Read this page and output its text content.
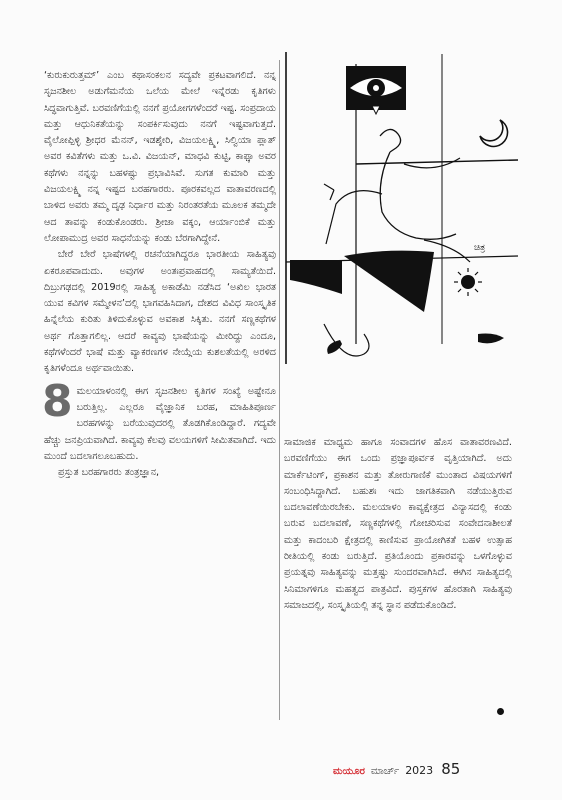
‘ಕುರುಕುರುತ್ತಮ್’ ಎಂಬ ಕಥಾಸಂಕಲನ ಸದ್ಯವೇ ಪ್ರಕಟವಾಗಲಿದೆ. ನನ್ನ ಸೃಜನಶೀಲ ಅಡುಗೆಮನೆಯ ಒಲೆಯ ಮೇಲೆ ಇನ್ನೆರಡು ಕೃತಿಗಳು ಸಿದ್ಧವಾಗುತ್ತಿವೆ. ಬರವಣಿಗೆಯಲ್ಲಿ ನನಗೆ ಪ್ರಯೋಗಗಳೆಂದರೆ ಇಷ್ಟ. ಸಂಪ್ರದಾಯ ಮತ್ತು ಆಧುನಿಕತೆಯನ್ನು ಸಂಪರ್ಕಿಸುವುದು ನನಗೆ ಇಷ್ಟವಾಗುತ್ತದೆ. ವೈಲೋಪ್ಪಿಳ್ಳಿ ಶ್ರೀಧರ ಮೆನನ್, ಇಡಶ್ಶೇರಿ, ವಿಜಯಲಕ್ಷ್ಮಿ, ಸಿಲ್ವಿಯಾ ಪ್ಲಾತ್ ಅವರ ಕವಿತೆಗಳು ಮತ್ತು ಒ.ವಿ. ವಿಜಯನ್, ಮಾಧವಿ ಕುಟ್ಟಿ, ಕಾಫ್ಕಾ ಅವರ ಕಥೆಗಳು ನನ್ನನ್ನು ಬಹಳಷ್ಟು ಪ್ರಭಾವಿಸಿವೆ. ಸುಗತ ಕುಮಾರಿ ಮತ್ತು ವಿಜಯಲಕ್ಷ್ಮಿ ನನ್ನ ಇಷ್ಟದ ಬರಹಗಾರರು. ಪೂರಕವಲ್ಲದ ವಾತಾವರಣದಲ್ಲಿ ಬಾಳಿದ ಅವರು ತಮ್ಮ ದೃಢ ನಿರ್ಧಾರ ಮತ್ತು ನಿರಂತರತೆಯ ಮೂಲಕ ತಮ್ಮದೇ ಆದ ತಾವನ್ನು ಕಂಡುಕೊಂಡರು. ಶ್ರೀಜಾ ವಕ್ಕಂ, ಆರ್ಯಾಂಬಿಕೆ ಮತ್ತು ಲೋಪಾಮುದ್ರ ಅವರ ಸಾಧನೆಯನ್ನು ಕಂಡು ಬೆರಗಾಗಿದ್ದೇನೆ.

ಬೇರೆ ಬೇರೆ ಭಾಷೆಗಳಲ್ಲಿ ರಚನೆಯಾಗಿದ್ದರೂ ಭಾರತೀಯ ಸಾಹಿತ್ಯವು ಏಕರೂಪವಾದುದು. ಅವುಗಳ ಅಂತಃಪ್ರವಾಹದಲ್ಲಿ ಸಾಮ್ಯತೆಯಿದೆ. ದಿಬ್ರುಗಢದಲ್ಲಿ 2019ರಲ್ಲಿ ಸಾಹಿತ್ಯ ಅಕಾಡೆಮಿ ನಡೆಸಿದ ‘ಅಖಿಲ ಭಾರತ ಯುವ ಕವಿಗಳ ಸಮ್ಮೇಳನ’ದಲ್ಲಿ ಭಾಗವಹಿಸಿದಾಗ, ದೇಶದ ವಿವಿಧ ಸಾಂಸ್ಕೃತಿಕ ಹಿನ್ನೆಲೆಯ ಕುರಿತು ತಿಳಿದುಕೊಳ್ಳುವ ಅವಕಾಶ ಸಿಕ್ಕಿತು. ನನಗೆ ಸಣ್ಣಕಥೆಗಳ ಅರ್ಥ ಗೊತ್ತಾಗಲಿಲ್ಲ. ಆದರೆ ಕಾವ್ಯವು ಭಾಷೆಯನ್ನು ಮೀರಿದ್ದು ಎಂದೂ, ಕಥೆಗಳೆಂದರೆ ಭಾಷೆ ಮತ್ತು ವ್ಯಾಕರಣಗಳ ನೇಯ್ಗೆಯ ಕುಶಲತೆಯಲ್ಲಿ ಅರಳಿದ ಕೃತಿಗಳೆಂದೂ ಅರ್ಥವಾಯಿತು.

8 ಮಲಯಾಳಂನಲ್ಲಿ ಈಗ ಸೃಜನಶೀಲ ಕೃತಿಗಳ ಸಂಖ್ಯೆ ಅಷ್ಟೇನೂ ಬರುತ್ತಿಲ್ಲ. ಎಲ್ಲರೂ ವೈಜ್ಞಾನಿಕ ಬರಹ, ಮಾಹಿತಿಪೂರ್ಣ ಬರಹಗಳನ್ನು ಬರೆಯುವುದರಲ್ಲಿ ತೊಡಗಿಕೊಂಡಿದ್ದಾರೆ. ಗದ್ಯವೇ ಹೆಚ್ಚು ಜನಪ್ರಿಯವಾಗಿದೆ. ಕಾವ್ಯವು ಕೆಲವು ವಲಯಗಳಿಗೆ ಸೀಮಿತವಾಗಿದೆ. ಇದು ಮುಂದೆ ಬದಲಾಗಲೂಬಹುದು.

ಪ್ರಸ್ತುತ ಬರಹಗಾರರು ತಂತ್ರಜ್ಞಾನ,

ಚಿತ್ರ

ಸಾಮಾಜಿಕ ಮಾಧ್ಯಮ ಹಾಗೂ ಸಂವಾದಗಳ ಹೊಸ ವಾತಾವರಣವಿದೆ. ಬರವಣಿಗೆಯು ಈಗ ಒಂದು ಪ್ರಜ್ಞಾಪೂರ್ವಕ ವೃತ್ತಿಯಾಗಿದೆ. ಅದು ಮಾರ್ಕೆಟಿಂಗ್, ಪ್ರಕಾಶನ ಮತ್ತು ತೋರುಗಾಣಿಕೆ ಮುಂತಾದ ವಿಷಯಗಳಿಗೆ ಸಂಬಂಧಿಸಿದ್ದಾಗಿದೆ. ಬಹುಶಃ ಇದು ಜಾಗತಿಕವಾಗಿ ನಡೆಯುತ್ತಿರುವ ಬದಲಾವಣೆಯಿರಬೇಕು. ಮಲಯಾಳಂ ಕಾವ್ಯಕ್ಷೇತ್ರದ ವಿನ್ಯಾಸದಲ್ಲಿ ಕಂಡು ಬರುವ ಬದಲಾವಣೆ, ಸಣ್ಣಕಥೆಗಳಲ್ಲಿ ಗೋಚರಿಸುವ ಸಂವೇದನಾಶೀಲತೆ ಮತ್ತು ಕಾದಂಬರಿ ಕ್ಷೇತ್ರದಲ್ಲಿ ಕಾಣಿಸುವ ಪ್ರಾಯೋಗಿಕತೆ ಬಹಳ ಉತ್ಸಾಹ ರೀತಿಯಲ್ಲಿ ಕಂಡು ಬರುತ್ತಿದೆ. ಪ್ರತಿಯೊಂದು ಪ್ರಕಾರವನ್ನು ಒಳಗೊಳ್ಳುವ ಪ್ರಯತ್ನವು ಸಾಹಿತ್ಯವನ್ನು ಮತ್ತಷ್ಟು ಸುಂದರವಾಗಿಸಿದೆ. ಈಗಿನ ಸಾಹಿತ್ಯದಲ್ಲಿ ಸಿನಿಮಾಗಳಿಗೂ ಮಹತ್ವದ ಪಾತ್ರವಿದೆ. ಪುಸ್ತಕಗಳ ಹೊರತಾಗಿ ಸಾಹಿತ್ಯವು ಸಮಾಜದಲ್ಲಿ, ಸಂಸ್ಕೃತಿಯಲ್ಲಿ ತನ್ನ ಸ್ಥಾನ ಪಡೆದುಕೊಂಡಿದೆ.

ಮಯೂರ ಮಾರ್ಚ್ 2023 85
